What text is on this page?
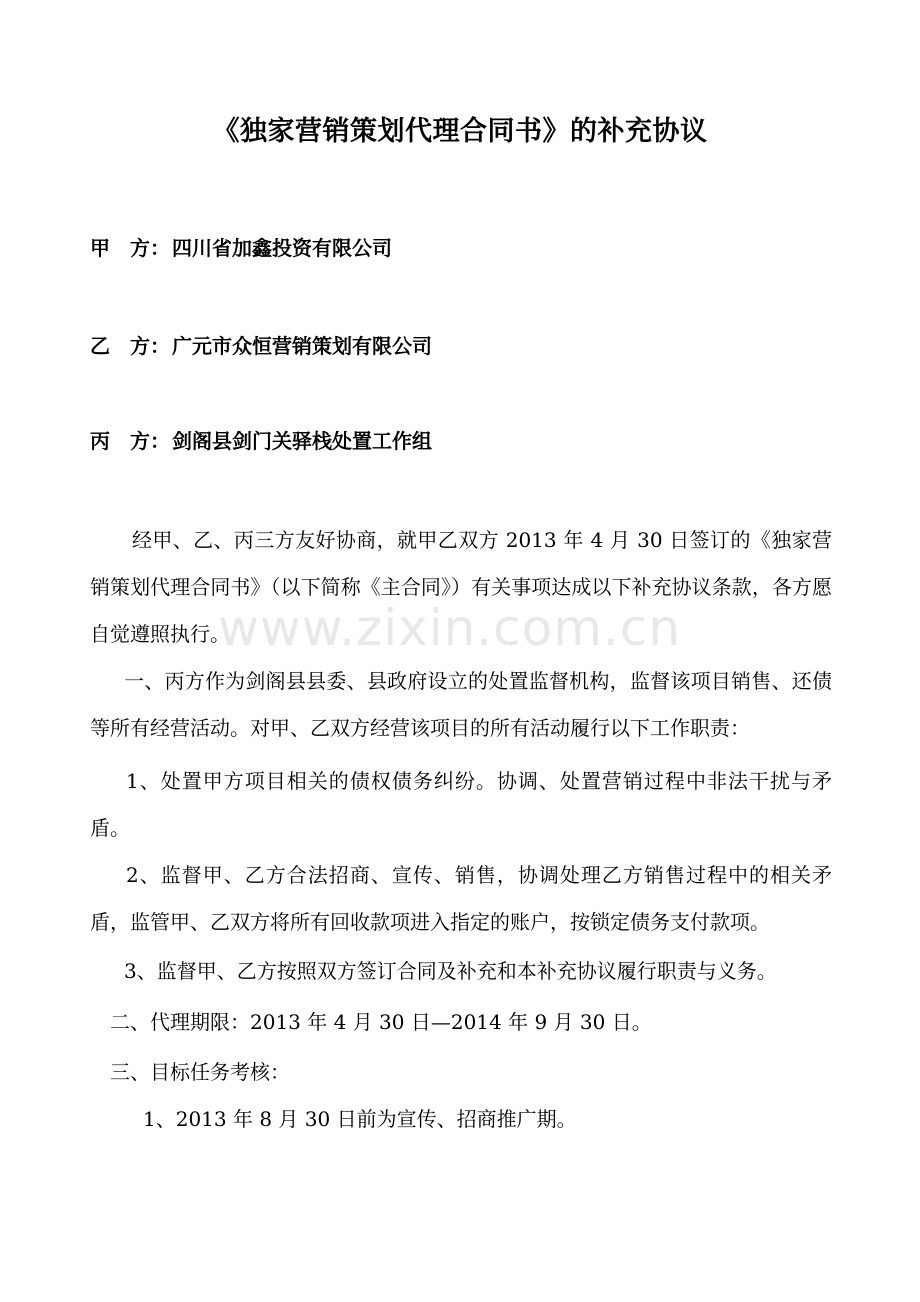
www.zixin.com.cn
《独家营销策划代理合同书》的补充协议
甲　方： 四川省加鑫投资有限公司
乙　方： 广元市众恒营销策划有限公司
丙　方： 剑阁县剑门关驿栈处置工作组
经甲、乙、丙三方友好协商，就甲乙双方 2013 年 4 月 30 日签订的《独家营销策划代理合同书》（以下简称《主合同》）有关事项达成以下补充协议条款，各方愿自觉遵照执行。
一、丙方作为剑阁县县委、县政府设立的处置监督机构，监督该项目销售、还债等所有经营活动。对甲、乙双方经营该项目的所有活动履行以下工作职责：
1、处置甲方项目相关的债权债务纠纷。协调、处置营销过程中非法干扰与矛盾。
2、监督甲、乙方合法招商、宣传、销售，协调处理乙方销售过程中的相关矛盾，监管甲、乙双方将所有回收款项进入指定的账户，按锁定债务支付款项。
3、监督甲、乙方按照双方签订合同及补充和本补充协议履行职责与义务。
二、代理期限：2013 年 4 月 30 日—2014 年 9 月 30 日。
三、目标任务考核：
1、2013 年 8 月 30 日前为宣传、招商推广期。
